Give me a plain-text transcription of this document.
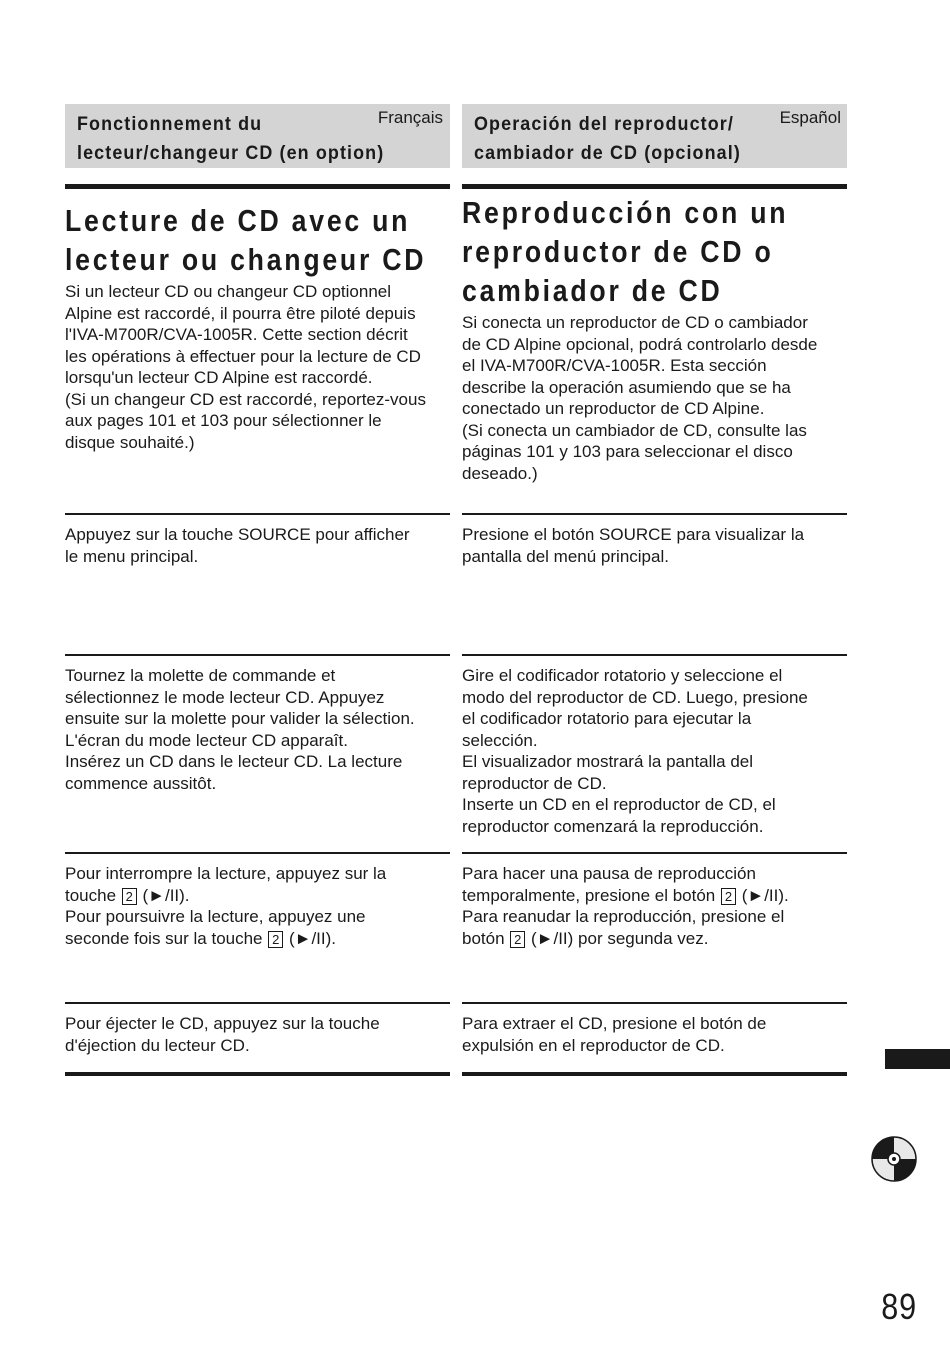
Fonctionnement du
lecteur/changeur CD (en option)
Français
Lecture de CD avec un
lecteur ou changeur CD
Si un lecteur CD ou changeur CD optionnel
Alpine est raccordé, il pourra être piloté depuis
l'IVA-M700R/CVA-1005R. Cette section décrit
les opérations à effectuer pour la lecture de CD
lorsqu'un lecteur CD Alpine est raccordé.
(Si un changeur CD est raccordé, reportez-vous
aux pages 101 et 103 pour sélectionner le
disque souhaité.)
Appuyez sur la touche SOURCE pour afficher
le menu principal.
Tournez la molette de commande et
sélectionnez le mode lecteur CD. Appuyez
ensuite sur la molette pour valider la sélection.
L'écran du mode lecteur CD apparaît.
Insérez un CD dans le lecteur CD. La lecture
commence aussitôt.
Pour interrompre la lecture, appuyez sur la
touche 2 (►/II).
Pour poursuivre la lecture, appuyez une
seconde fois sur la touche 2 (►/II).
Pour éjecter le CD, appuyez sur la touche
d'éjection du lecteur CD.
Operación del reproductor/
cambiador de CD (opcional)
Español
Reproducción con un
reproductor de CD o
cambiador de CD
Si conecta un reproductor de CD o cambiador
de CD Alpine opcional, podrá controlarlo desde
el IVA-M700R/CVA-1005R. Esta sección
describe la operación asumiendo que se ha
conectado un reproductor de CD Alpine.
(Si conecta un cambiador de CD, consulte las
páginas 101 y 103 para seleccionar el disco
deseado.)
Presione el botón SOURCE para visualizar la
pantalla del menú principal.
Gire el codificador rotatorio y seleccione el
modo del reproductor de CD. Luego, presione
el codificador rotatorio para ejecutar la
selección.
El visualizador mostrará la pantalla del
reproductor de CD.
Inserte un CD en el reproductor de CD, el
reproductor comenzará la reproducción.
Para hacer una pausa de reproducción
temporalmente, presione el botón 2 (►/II).
Para reanudar la reproducción, presione el
botón 2 (►/II) por segunda vez.
Para extraer el CD, presione el botón de
expulsión en el reproductor de CD.
89
